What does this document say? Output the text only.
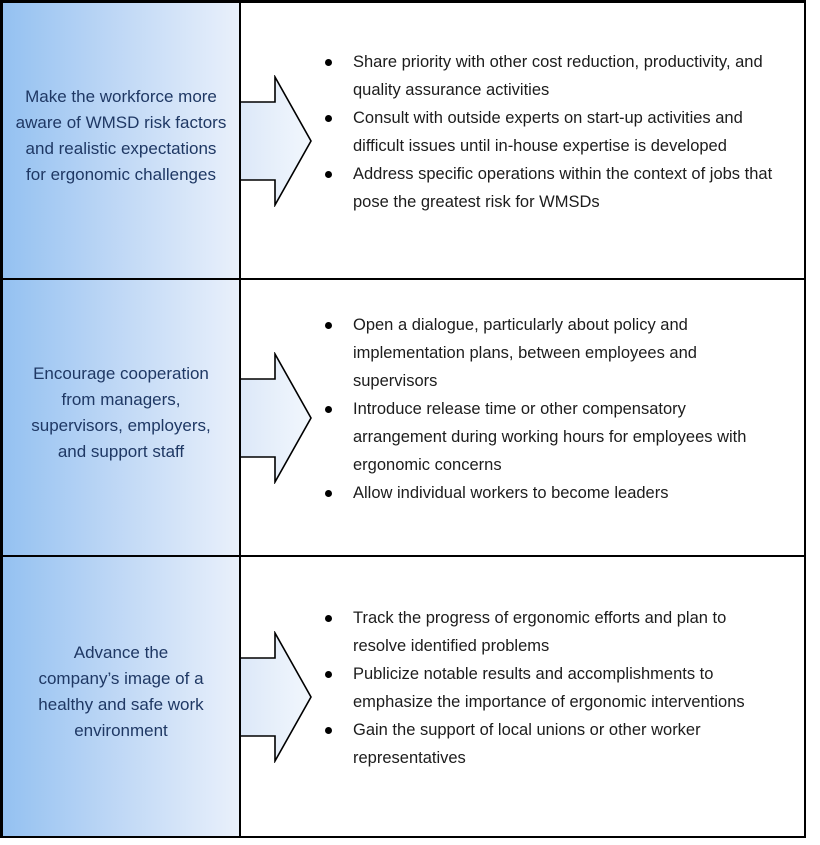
Make the workforce more aware of WMSD risk factors and realistic expectations for ergonomic challenges
Share priority with other cost reduction, productivity, and quality assurance activities
Consult with outside experts on start-up activities and difficult issues until in-house expertise is developed
Address specific operations within the context of jobs that pose the greatest risk for WMSDs
Encourage cooperation from managers, supervisors, employers, and support staff
Open a dialogue, particularly about policy and implementation plans, between employees and supervisors
Introduce release time or other compensatory arrangement during working hours for employees with ergonomic concerns
Allow individual workers to become leaders
Advance the company’s image of a healthy and safe work environment
Track the progress of ergonomic efforts and plan to resolve identified problems
Publicize notable results and accomplishments to emphasize the importance of ergonomic interventions
Gain the support of local unions or other worker representatives
